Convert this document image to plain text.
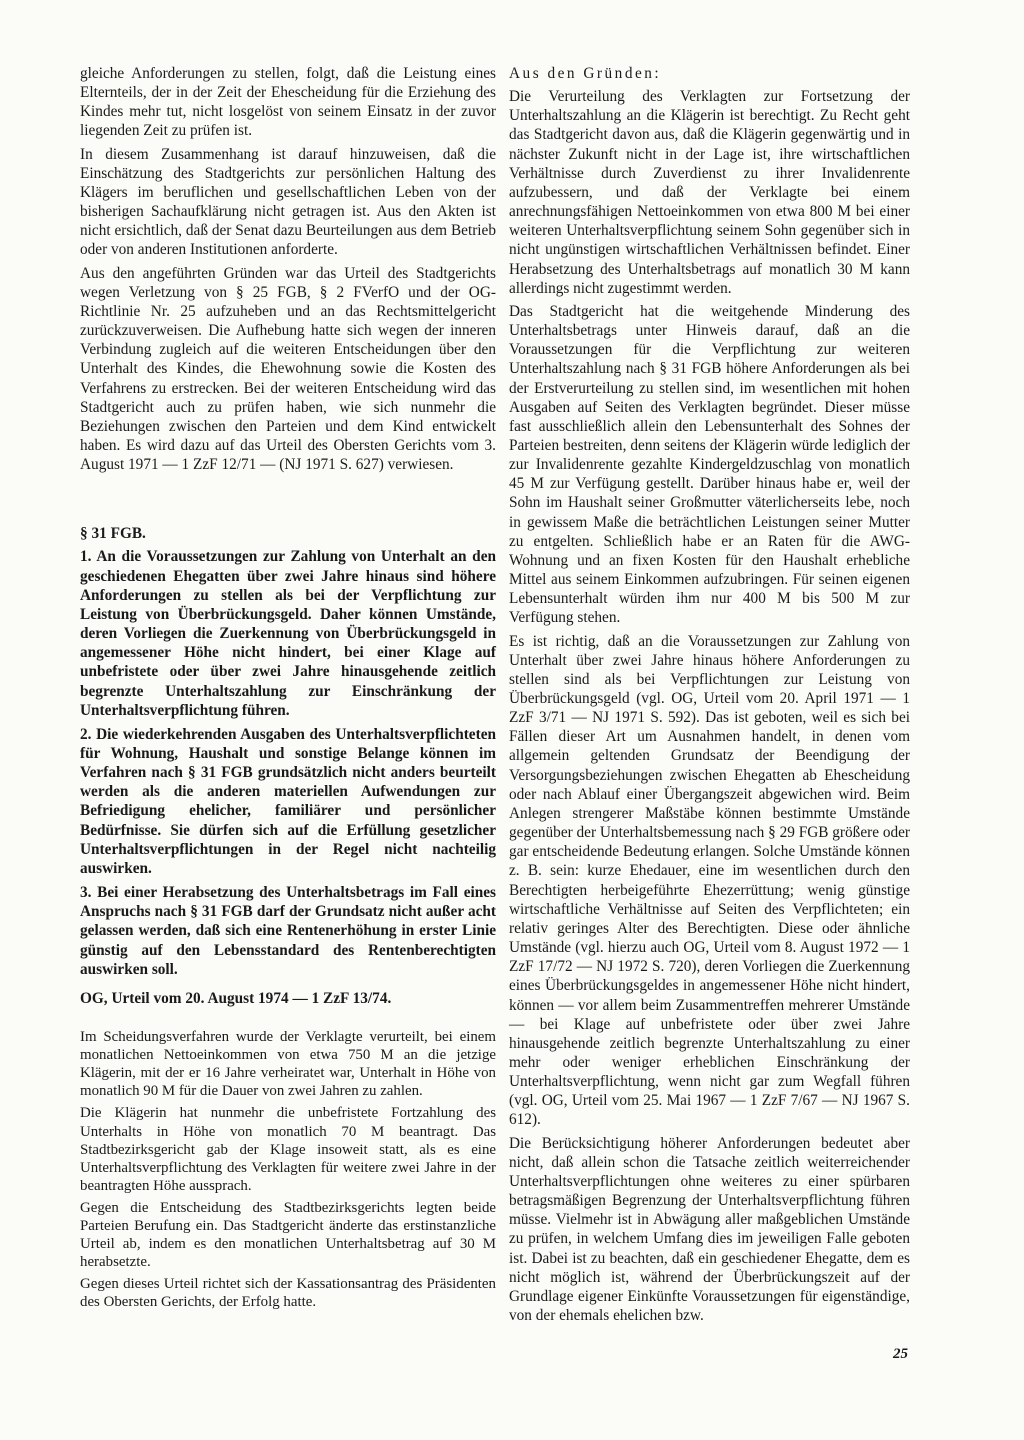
gleiche Anforderungen zu stellen, folgt, daß die Leistung eines Elternteils, der in der Zeit der Ehescheidung für die Erziehung des Kindes mehr tut, nicht losgelöst von seinem Einsatz in der zuvor liegenden Zeit zu prüfen ist.

In diesem Zusammenhang ist darauf hinzuweisen, daß die Einschätzung des Stadtgerichts zur persönlichen Haltung des Klägers im beruflichen und gesellschaftlichen Leben von der bisherigen Sachaufklärung nicht getragen ist. Aus den Akten ist nicht ersichtlich, daß der Senat dazu Beurteilungen aus dem Betrieb oder von anderen Institutionen anforderte.

Aus den angeführten Gründen war das Urteil des Stadtgerichts wegen Verletzung von § 25 FGB, § 2 FVerfO und der OG-Richtlinie Nr. 25 aufzuheben und an das Rechtsmittelgericht zurückzuverweisen. Die Aufhebung hatte sich wegen der inneren Verbindung zugleich auf die weiteren Entscheidungen über den Unterhalt des Kindes, die Ehewohnung sowie die Kosten des Verfahrens zu erstrecken. Bei der weiteren Entscheidung wird das Stadtgericht auch zu prüfen haben, wie sich nunmehr die Beziehungen zwischen den Parteien und dem Kind entwickelt haben. Es wird dazu auf das Urteil des Obersten Gerichts vom 3. August 1971 — 1 ZzF 12/71 — (NJ 1971 S. 627) verwiesen.

§ 31 FGB.

1. An die Voraussetzungen zur Zahlung von Unterhalt an den geschiedenen Ehegatten über zwei Jahre hinaus sind höhere Anforderungen zu stellen als bei der Verpflichtung zur Leistung von Überbrückungsgeld. Daher können Umstände, deren Vorliegen die Zuerkennung von Überbrückungsgeld in angemessener Höhe nicht hindert, bei einer Klage auf unbefristete oder über zwei Jahre hinausgehende zeitlich begrenzte Unterhaltszahlung zur Einschränkung der Unterhaltsverpflichtung führen.

2. Die wiederkehrenden Ausgaben des Unterhaltsverpflichteten für Wohnung, Haushalt und sonstige Belange können im Verfahren nach § 31 FGB grundsätzlich nicht anders beurteilt werden als die anderen materiellen Aufwendungen zur Befriedigung ehelicher, familiärer und persönlicher Bedürfnisse. Sie dürfen sich auf die Erfüllung gesetzlicher Unterhaltsverpflichtungen in der Regel nicht nachteilig auswirken.

3. Bei einer Herabsetzung des Unterhaltsbetrags im Fall eines Anspruchs nach § 31 FGB darf der Grundsatz nicht außer acht gelassen werden, daß sich eine Rentenerhöhung in erster Linie günstig auf den Lebensstandard des Rentenberechtigten auswirken soll.

OG, Urteil vom 20. August 1974 — 1 ZzF 13/74.

Im Scheidungsverfahren wurde der Verklagte verurteilt, bei einem monatlichen Nettoeinkommen von etwa 750 M an die jetzige Klägerin, mit der er 16 Jahre verheiratet war, Unterhalt in Höhe von monatlich 90 M für die Dauer von zwei Jahren zu zahlen.

Die Klägerin hat nunmehr die unbefristete Fortzahlung des Unterhalts in Höhe von monatlich 70 M beantragt. Das Stadtbezirksgericht gab der Klage insoweit statt, als es eine Unterhaltsverpflichtung des Verklagten für weitere zwei Jahre in der beantragten Höhe aussprach.

Gegen die Entscheidung des Stadtbezirksgerichts legten beide Parteien Berufung ein. Das Stadtgericht änderte das erstinstanzliche Urteil ab, indem es den monatlichen Unterhaltsbetrag auf 30 M herabsetzte.

Gegen dieses Urteil richtet sich der Kassationsantrag des Präsidenten des Obersten Gerichts, der Erfolg hatte.

Aus den Gründen:

Die Verurteilung des Verklagten zur Fortsetzung der Unterhaltszahlung an die Klägerin ist berechtigt. Zu Recht geht das Stadtgericht davon aus, daß die Klägerin gegenwärtig und in nächster Zukunft nicht in der Lage ist, ihre wirtschaftlichen Verhältnisse durch Zuverdienst zu ihrer Invalidenrente aufzubessern, und daß der Verklagte bei einem anrechnungsfähigen Nettoeinkommen von etwa 800 M bei einer weiteren Unterhaltsverpflichtung seinem Sohn gegenüber sich in nicht ungünstigen wirtschaftlichen Verhältnissen befindet. Einer Herabsetzung des Unterhaltsbetrags auf monatlich 30 M kann allerdings nicht zugestimmt werden.

Das Stadtgericht hat die weitgehende Minderung des Unterhaltsbetrags unter Hinweis darauf, daß an die Voraussetzungen für die Verpflichtung zur weiteren Unterhaltszahlung nach § 31 FGB höhere Anforderungen als bei der Erstverurteilung zu stellen sind, im wesentlichen mit hohen Ausgaben auf Seiten des Verklagten begründet. Dieser müsse fast ausschließlich allein den Lebensunterhalt des Sohnes der Parteien bestreiten, denn seitens der Klägerin würde lediglich der zur Invalidenrente gezahlte Kindergeldzuschlag von monatlich 45 M zur Verfügung gestellt. Darüber hinaus habe er, weil der Sohn im Haushalt seiner Großmutter väterlicherseits lebe, noch in gewissem Maße die beträchtlichen Leistungen seiner Mutter zu entgelten. Schließlich habe er an Raten für die AWG-Wohnung und an fixen Kosten für den Haushalt erhebliche Mittel aus seinem Einkommen aufzubringen. Für seinen eigenen Lebensunterhalt würden ihm nur 400 M bis 500 M zur Verfügung stehen.

Es ist richtig, daß an die Voraussetzungen zur Zahlung von Unterhalt über zwei Jahre hinaus höhere Anforderungen zu stellen sind als bei Verpflichtungen zur Leistung von Überbrückungsgeld (vgl. OG, Urteil vom 20. April 1971 — 1 ZzF 3/71 — NJ 1971 S. 592). Das ist geboten, weil es sich bei Fällen dieser Art um Ausnahmen handelt, in denen vom allgemein geltenden Grundsatz der Beendigung der Versorgungsbeziehungen zwischen Ehegatten ab Ehescheidung oder nach Ablauf einer Übergangszeit abgewichen wird. Beim Anlegen strengerer Maßstäbe können bestimmte Umstände gegenüber der Unterhaltsbemessung nach § 29 FGB größere oder gar entscheidende Bedeutung erlangen. Solche Umstände können z. B. sein: kurze Ehedauer, eine im wesentlichen durch den Berechtigten herbeigeführte Ehezerrüttung; wenig günstige wirtschaftliche Verhältnisse auf Seiten des Verpflichteten; ein relativ geringes Alter des Berechtigten. Diese oder ähnliche Umstände (vgl. hierzu auch OG, Urteil vom 8. August 1972 — 1 ZzF 17/72 — NJ 1972 S. 720), deren Vorliegen die Zuerkennung eines Überbrückungsgeldes in angemessener Höhe nicht hindert, können — vor allem beim Zusammentreffen mehrerer Umstände — bei Klage auf unbefristete oder über zwei Jahre hinausgehende zeitlich begrenzte Unterhaltszahlung zu einer mehr oder weniger erheblichen Einschränkung der Unterhaltsverpflichtung, wenn nicht gar zum Wegfall führen (vgl. OG, Urteil vom 25. Mai 1967 — 1 ZzF 7/67 — NJ 1967 S. 612).

Die Berücksichtigung höherer Anforderungen bedeutet aber nicht, daß allein schon die Tatsache zeitlich weiterreichender Unterhaltsverpflichtungen ohne weiteres zu einer spürbaren betragsmäßigen Begrenzung der Unterhaltsverpflichtung führen müsse. Vielmehr ist in Abwägung aller maßgeblichen Umstände zu prüfen, in welchem Umfang dies im jeweiligen Falle geboten ist. Dabei ist zu beachten, daß ein geschiedener Ehegatte, dem es nicht möglich ist, während der Überbrückungszeit auf der Grundlage eigener Einkünfte Voraussetzungen für eigenständige, von der ehemals ehelichen bzw.

25
